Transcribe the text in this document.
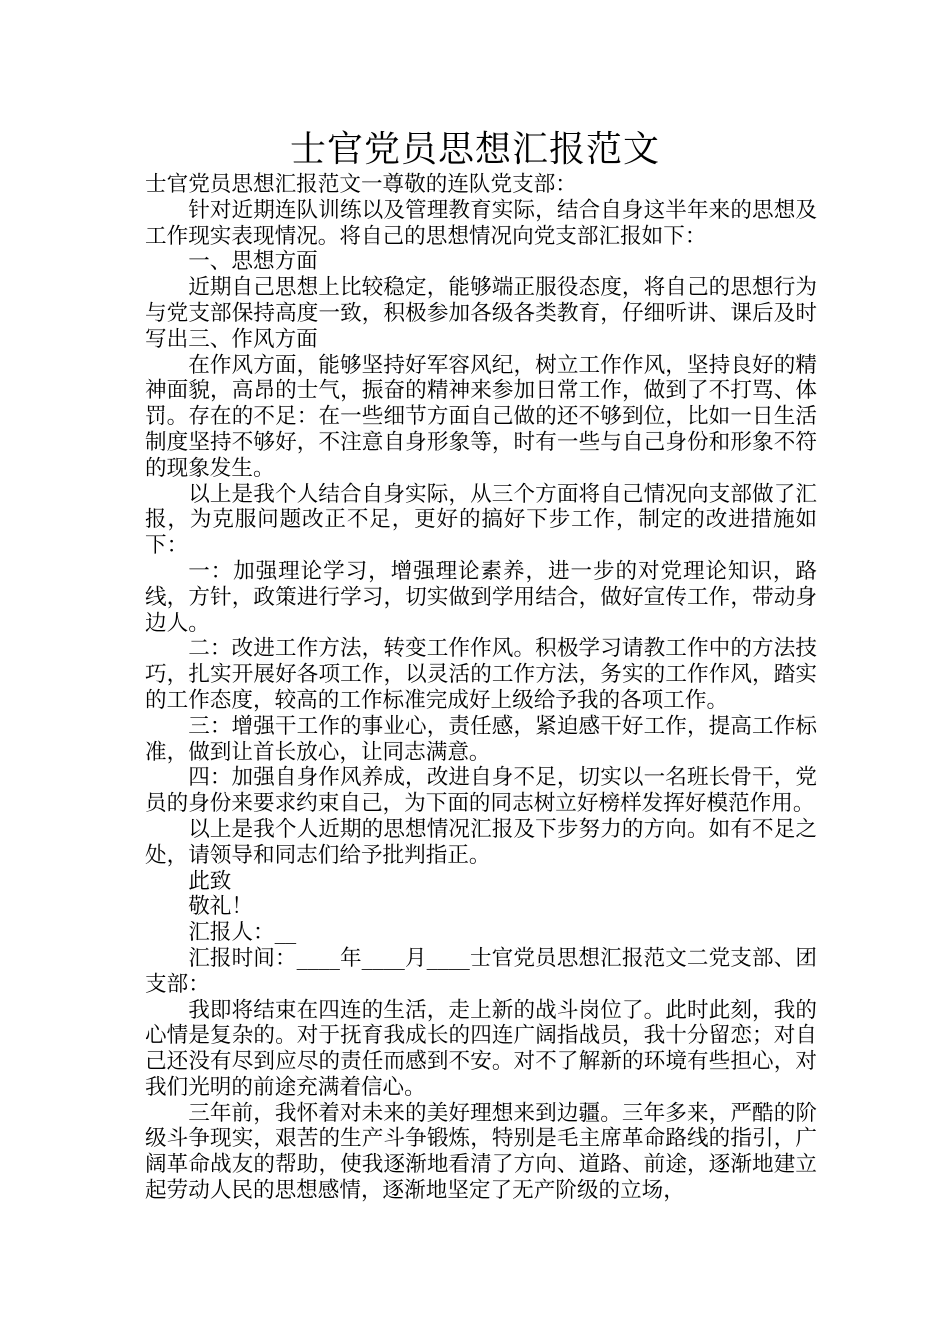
士官党员思想汇报范文

士官党员思想汇报范文一尊敬的连队党支部：

针对近期连队训练以及管理教育实际，结合自身这半年来的思想及工作现实表现情况。将自己的思想情况向党支部汇报如下：

一、思想方面

近期自己思想上比较稳定，能够端正服役态度，将自己的思想行为与党支部保持高度一致，积极参加各级各类教育，仔细听讲、课后及时写出三、作风方面

在作风方面，能够坚持好军容风纪，树立工作作风，坚持良好的精神面貌，高昂的士气，振奋的精神来参加日常工作，做到了不打骂、体罚。存在的不足：在一些细节方面自己做的还不够到位，比如一日生活制度坚持不够好，不注意自身形象等，时有一些与自己身份和形象不符的现象发生。

以上是我个人结合自身实际，从三个方面将自己情况向支部做了汇报，为克服问题改正不足，更好的搞好下步工作，制定的改进措施如下：

一：加强理论学习，增强理论素养，进一步的对党理论知识，路线，方针，政策进行学习，切实做到学用结合，做好宣传工作，带动身边人。

二：改进工作方法，转变工作作风。积极学习请教工作中的方法技巧，扎实开展好各项工作，以灵活的工作方法，务实的工作作风，踏实的工作态度，较高的工作标准完成好上级给予我的各项工作。

三：增强干工作的事业心，责任感，紧迫感干好工作，提高工作标准，做到让首长放心，让同志满意。

四：加强自身作风养成，改进自身不足，切实以一名班长骨干，党员的身份来要求约束自己，为下面的同志树立好榜样发挥好模范作用。

以上是我个人近期的思想情况汇报及下步努力的方向。如有不足之处，请领导和同志们给予批判指正。

此致

敬礼！

汇报人：__

汇报时间：____年____月____士官党员思想汇报范文二党支部、团支部：

我即将结束在四连的生活，走上新的战斗岗位了。此时此刻，我的心情是复杂的。对于抚育我成长的四连广阔指战员，我十分留恋；对自己还没有尽到应尽的责任而感到不安。对不了解新的环境有些担心，对我们光明的前途充满着信心。

三年前，我怀着对未来的美好理想来到边疆。三年多来，严酷的阶级斗争现实，艰苦的生产斗争锻炼，特别是毛主席革命路线的指引，广阔革命战友的帮助，使我逐渐地看清了方向、道路、前途，逐渐地建立起劳动人民的思想感情，逐渐地坚定了无产阶级的立场，
